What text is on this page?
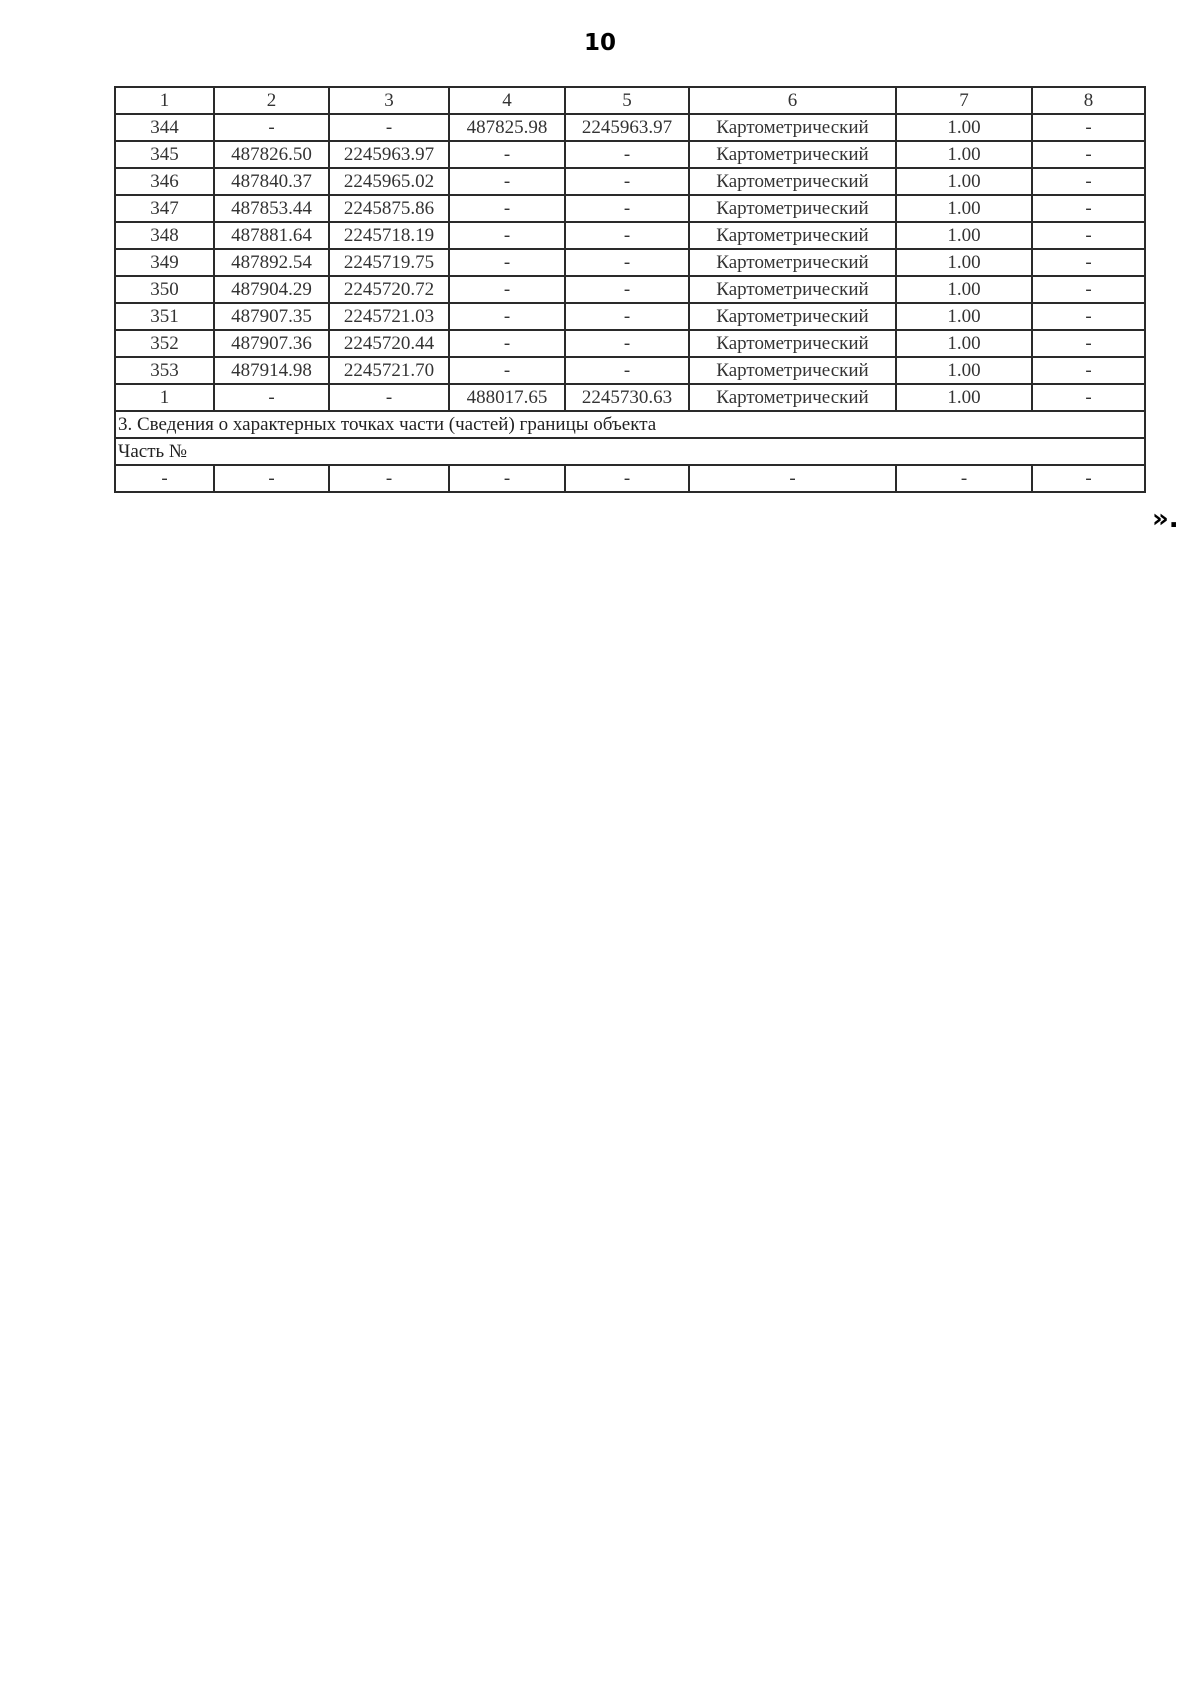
10
1	2	3	4	5	6	7	8
344	-	-	487825.98	2245963.97	Картометрический	1.00	-
345	487826.50	2245963.97	-	-	Картометрический	1.00	-
346	487840.37	2245965.02	-	-	Картометрический	1.00	-
347	487853.44	2245875.86	-	-	Картометрический	1.00	-
348	487881.64	2245718.19	-	-	Картометрический	1.00	-
349	487892.54	2245719.75	-	-	Картометрический	1.00	-
350	487904.29	2245720.72	-	-	Картометрический	1.00	-
351	487907.35	2245721.03	-	-	Картометрический	1.00	-
352	487907.36	2245720.44	-	-	Картометрический	1.00	-
353	487914.98	2245721.70	-	-	Картометрический	1.00	-
1	-	-	488017.65	2245730.63	Картометрический	1.00	-
3. Сведения о характерных точках части (частей) границы объекта							
Часть №							
-	-	-	-	-	-	-	-
».
